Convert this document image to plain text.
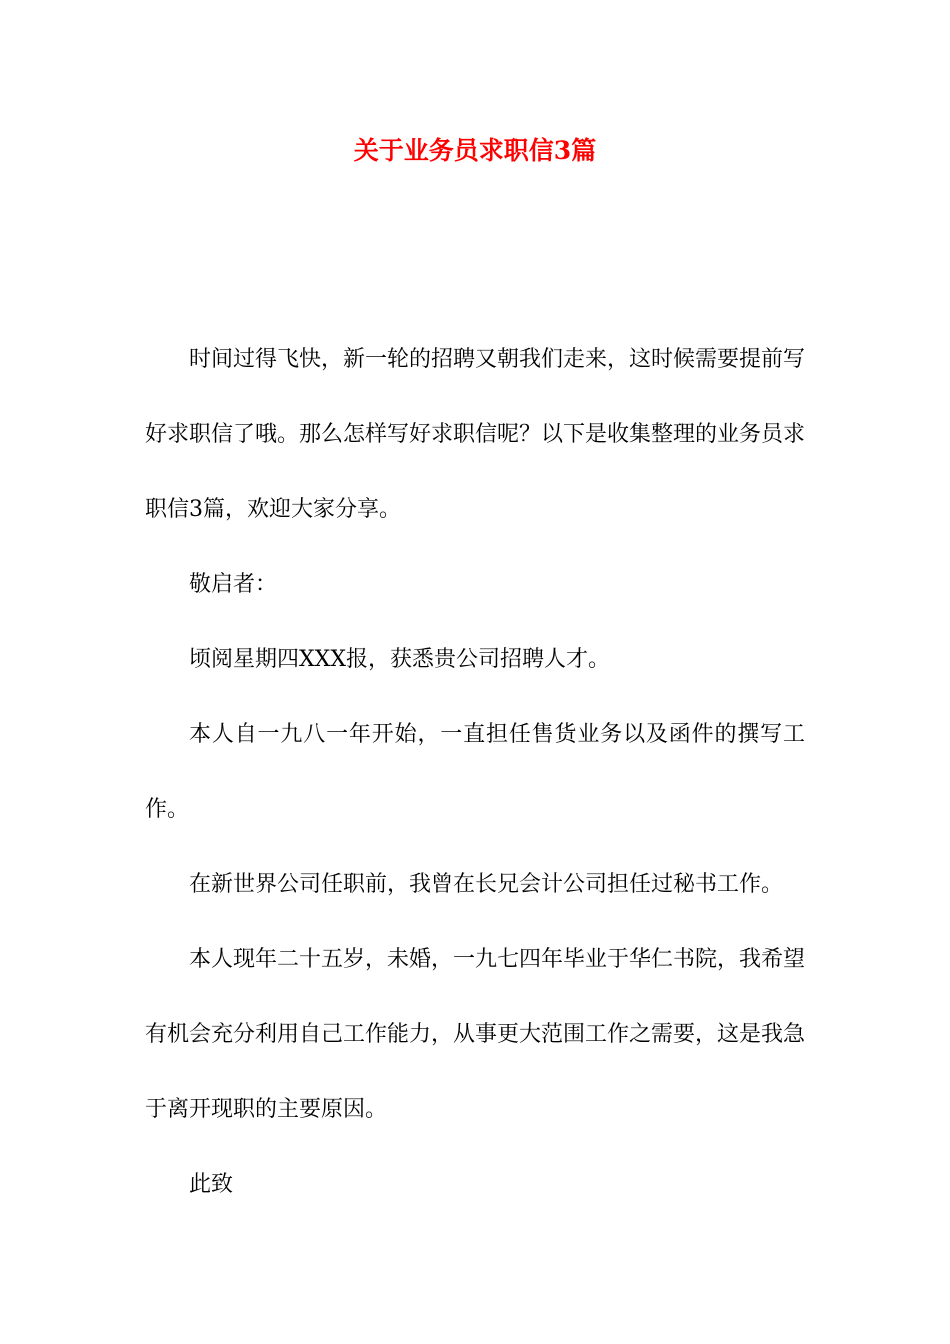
关于业务员求职信3篇

时间过得飞快，新一轮的招聘又朝我们走来，这时候需要提前写好求职信了哦。那么怎样写好求职信呢？以下是收集整理的业务员求职信3篇，欢迎大家分享。

敬启者：

顷阅星期四XXX报，获悉贵公司招聘人才。

本人自一九八一年开始，一直担任售货业务以及函件的撰写工作。

在新世界公司任职前，我曾在长兄会计公司担任过秘书工作。

本人现年二十五岁，未婚，一九七四年毕业于华仁书院，我希望有机会充分利用自己工作能力，从事更大范围工作之需要，这是我急于离开现职的主要原因。

此致
